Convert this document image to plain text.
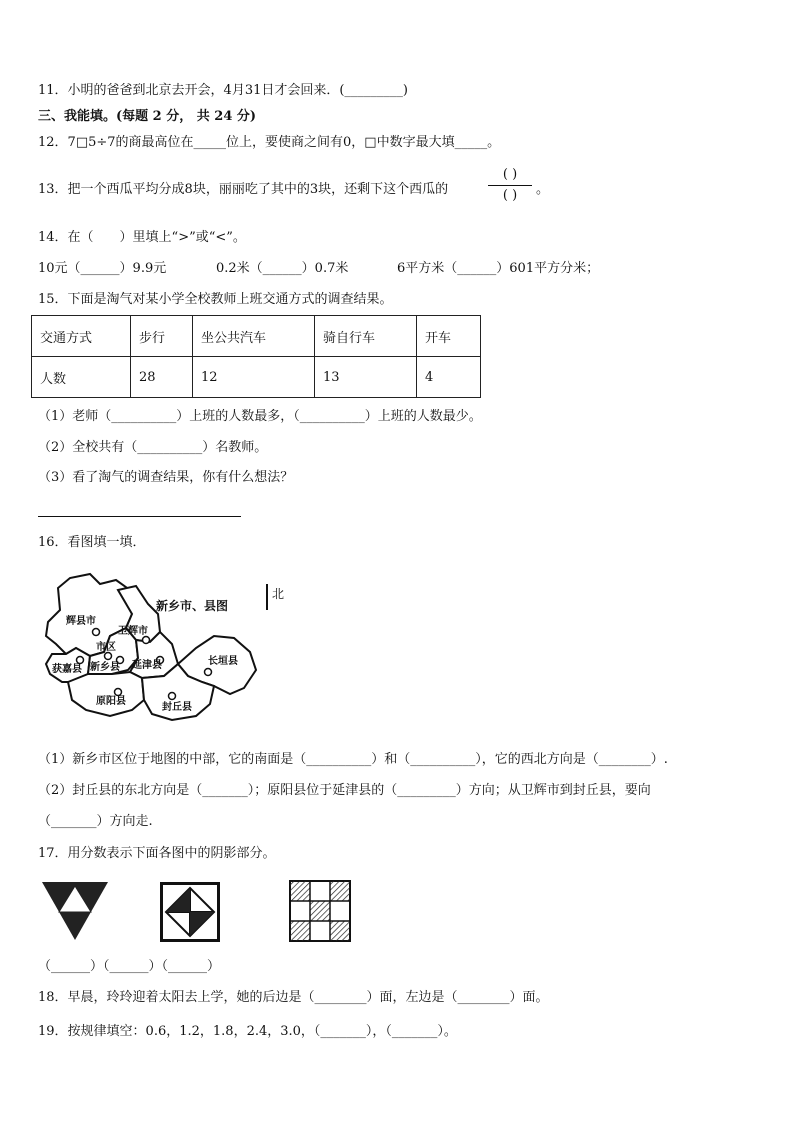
11．小明的爸爸到北京去开会，4月31日才会回来．(_________)
三、我能填。(每题 2 分， 共 24 分)
12．7□5÷7的商最高位在_____位上，要使商之间有0，□中数字最大填_____。
13．把一个西瓜平均分成8块，丽丽吃了其中的3块，还剩下这个西瓜的
( )
( ) 。
14．在（　　）里填上“>”或“<”。
10元（______）9.9元	0.2米（______）0.7米	6平方米（______）601平方分米；
15．下面是淘气对某小学全校教师上班交通方式的调查结果。
交通方式	步行	坐公共汽车	骑自行车	开车
人数	28	12	13	4
（1）老师（__________）上班的人数最多，（__________）上班的人数最少。
（2）全校共有（__________）名教师。
（3）看了淘气的调查结果，你有什么想法？
16．看图填一填．
辉县市
卫辉市
获嘉县
市区
新乡县 延津县	长垣县
原阳县
封丘县
新乡市、县图
北
（1）新乡市区位于地图的中部，它的南面是（__________）和（__________），它的西北方向是（________）.
（2）封丘县的东北方向是（_______）；原阳县位于延津县的（_________）方向；从卫辉市到封丘县，要向
（_______）方向走.
17．用分数表示下面各图中的阴影部分。
（______）（______）（______）
18．早晨，玲玲迎着太阳去上学，她的后边是（________）面，左边是（________）面。
19．按规律填空：0.6，1.2，1.8，2.4，3.0，（_______），（_______）。
